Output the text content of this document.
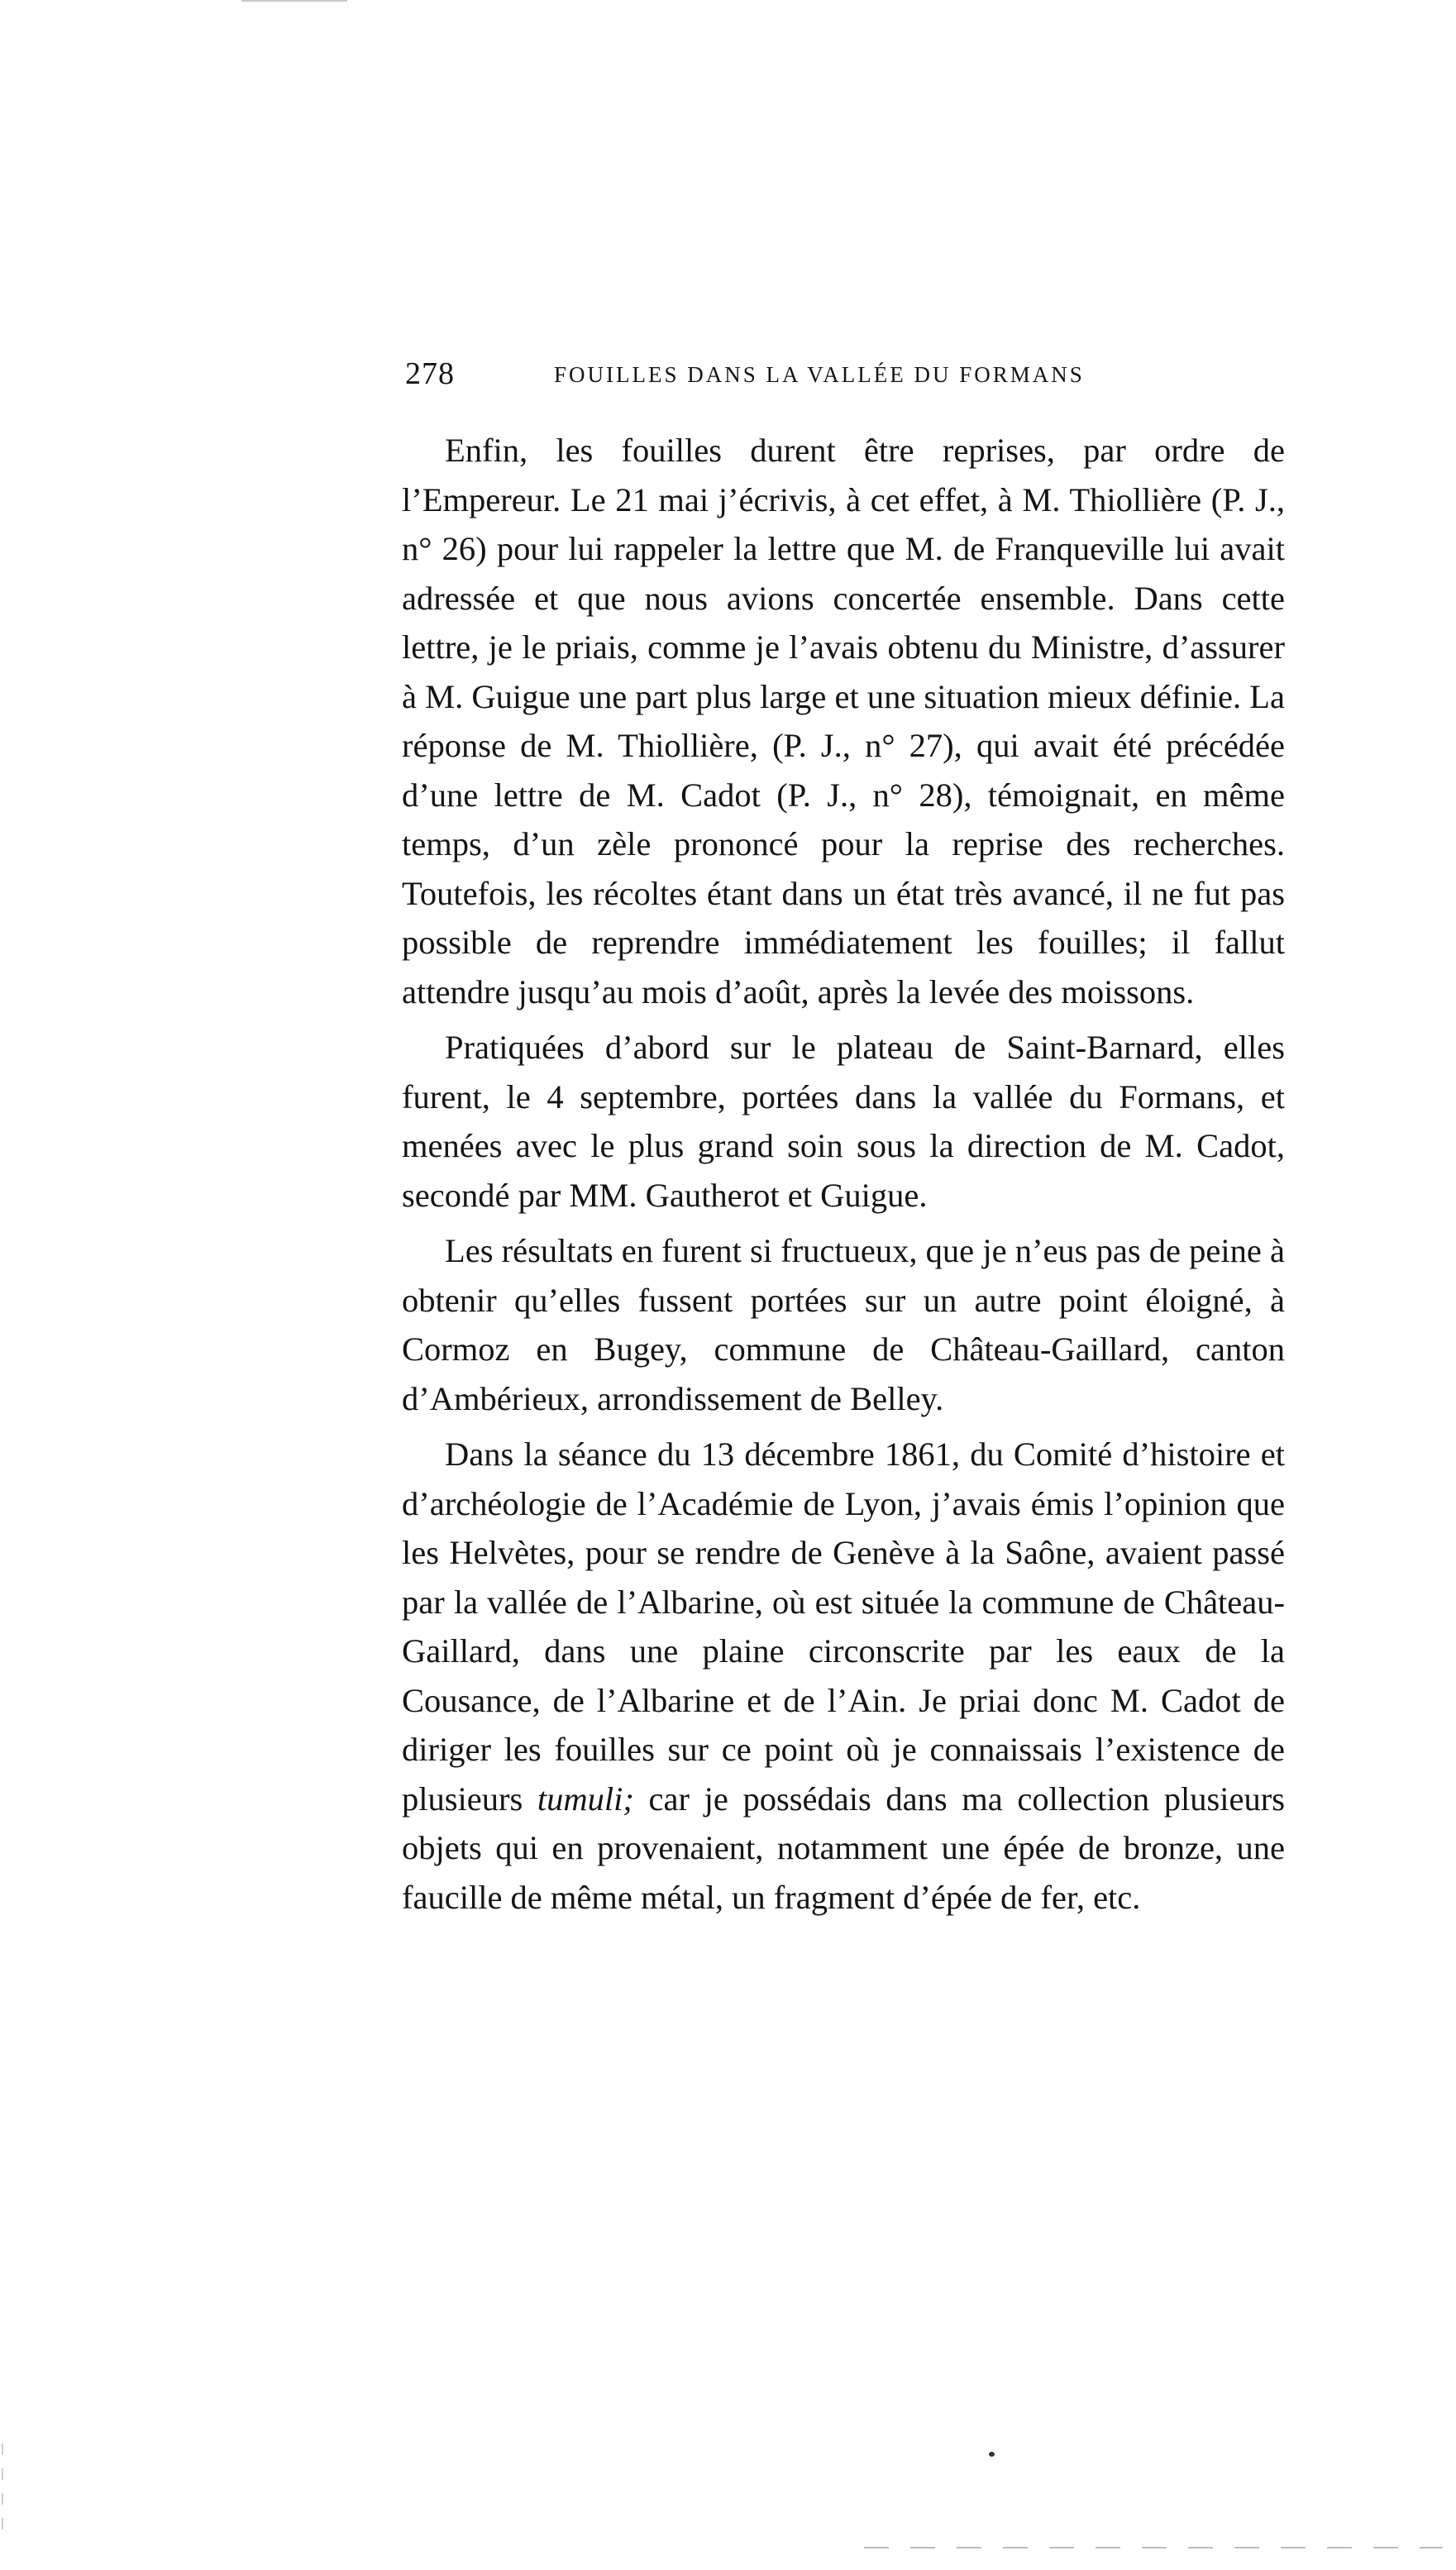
278	FOUILLES DANS LA VALLÉE DU FORMANS

Enfin, les fouilles durent être reprises, par ordre de l’Empereur. Le 21 mai j’écrivis, à cet effet, à M. Thiollière (P. J., n° 26) pour lui rappeler la lettre que M. de Franqueville lui avait adressée et que nous avions concertée ensemble. Dans cette lettre, je le priais, comme je l’avais obtenu du Ministre, d’assurer à M. Guigue une part plus large et une situation mieux définie. La réponse de M. Thiollière, (P. J., n° 27), qui avait été précédée d’une lettre de M. Cadot (P. J., n° 28), témoignait, en même temps, d’un zèle prononcé pour la reprise des recherches. Toutefois, les récoltes étant dans un état très avancé, il ne fut pas possible de reprendre immédiatement les fouilles; il fallut attendre jusqu’au mois d’août, après la levée des moissons.

Pratiquées d’abord sur le plateau de Saint-Barnard, elles furent, le 4 septembre, portées dans la vallée du Formans, et menées avec le plus grand soin sous la direction de M. Cadot, secondé par MM. Gautherot et Guigue.

Les résultats en furent si fructueux, que je n’eus pas de peine à obtenir qu’elles fussent portées sur un autre point éloigné, à Cormoz en Bugey, commune de Château-Gaillard, canton d’Ambérieux, arrondissement de Belley.

Dans la séance du 13 décembre 1861, du Comité d’histoire et d’archéologie de l’Académie de Lyon, j’avais émis l’opinion que les Helvètes, pour se rendre de Genève à la Saône, avaient passé par la vallée de l’Albarine, où est située la commune de Château-Gaillard, dans une plaine circonscrite par les eaux de la Cousance, de l’Albarine et de l’Ain. Je priai donc M. Cadot de diriger les fouilles sur ce point où je connaissais l’existence de plusieurs tumuli; car je possédais dans ma collection plusieurs objets qui en provenaient, notamment une épée de bronze, une faucille de même métal, un fragment d’épée de fer, etc.
